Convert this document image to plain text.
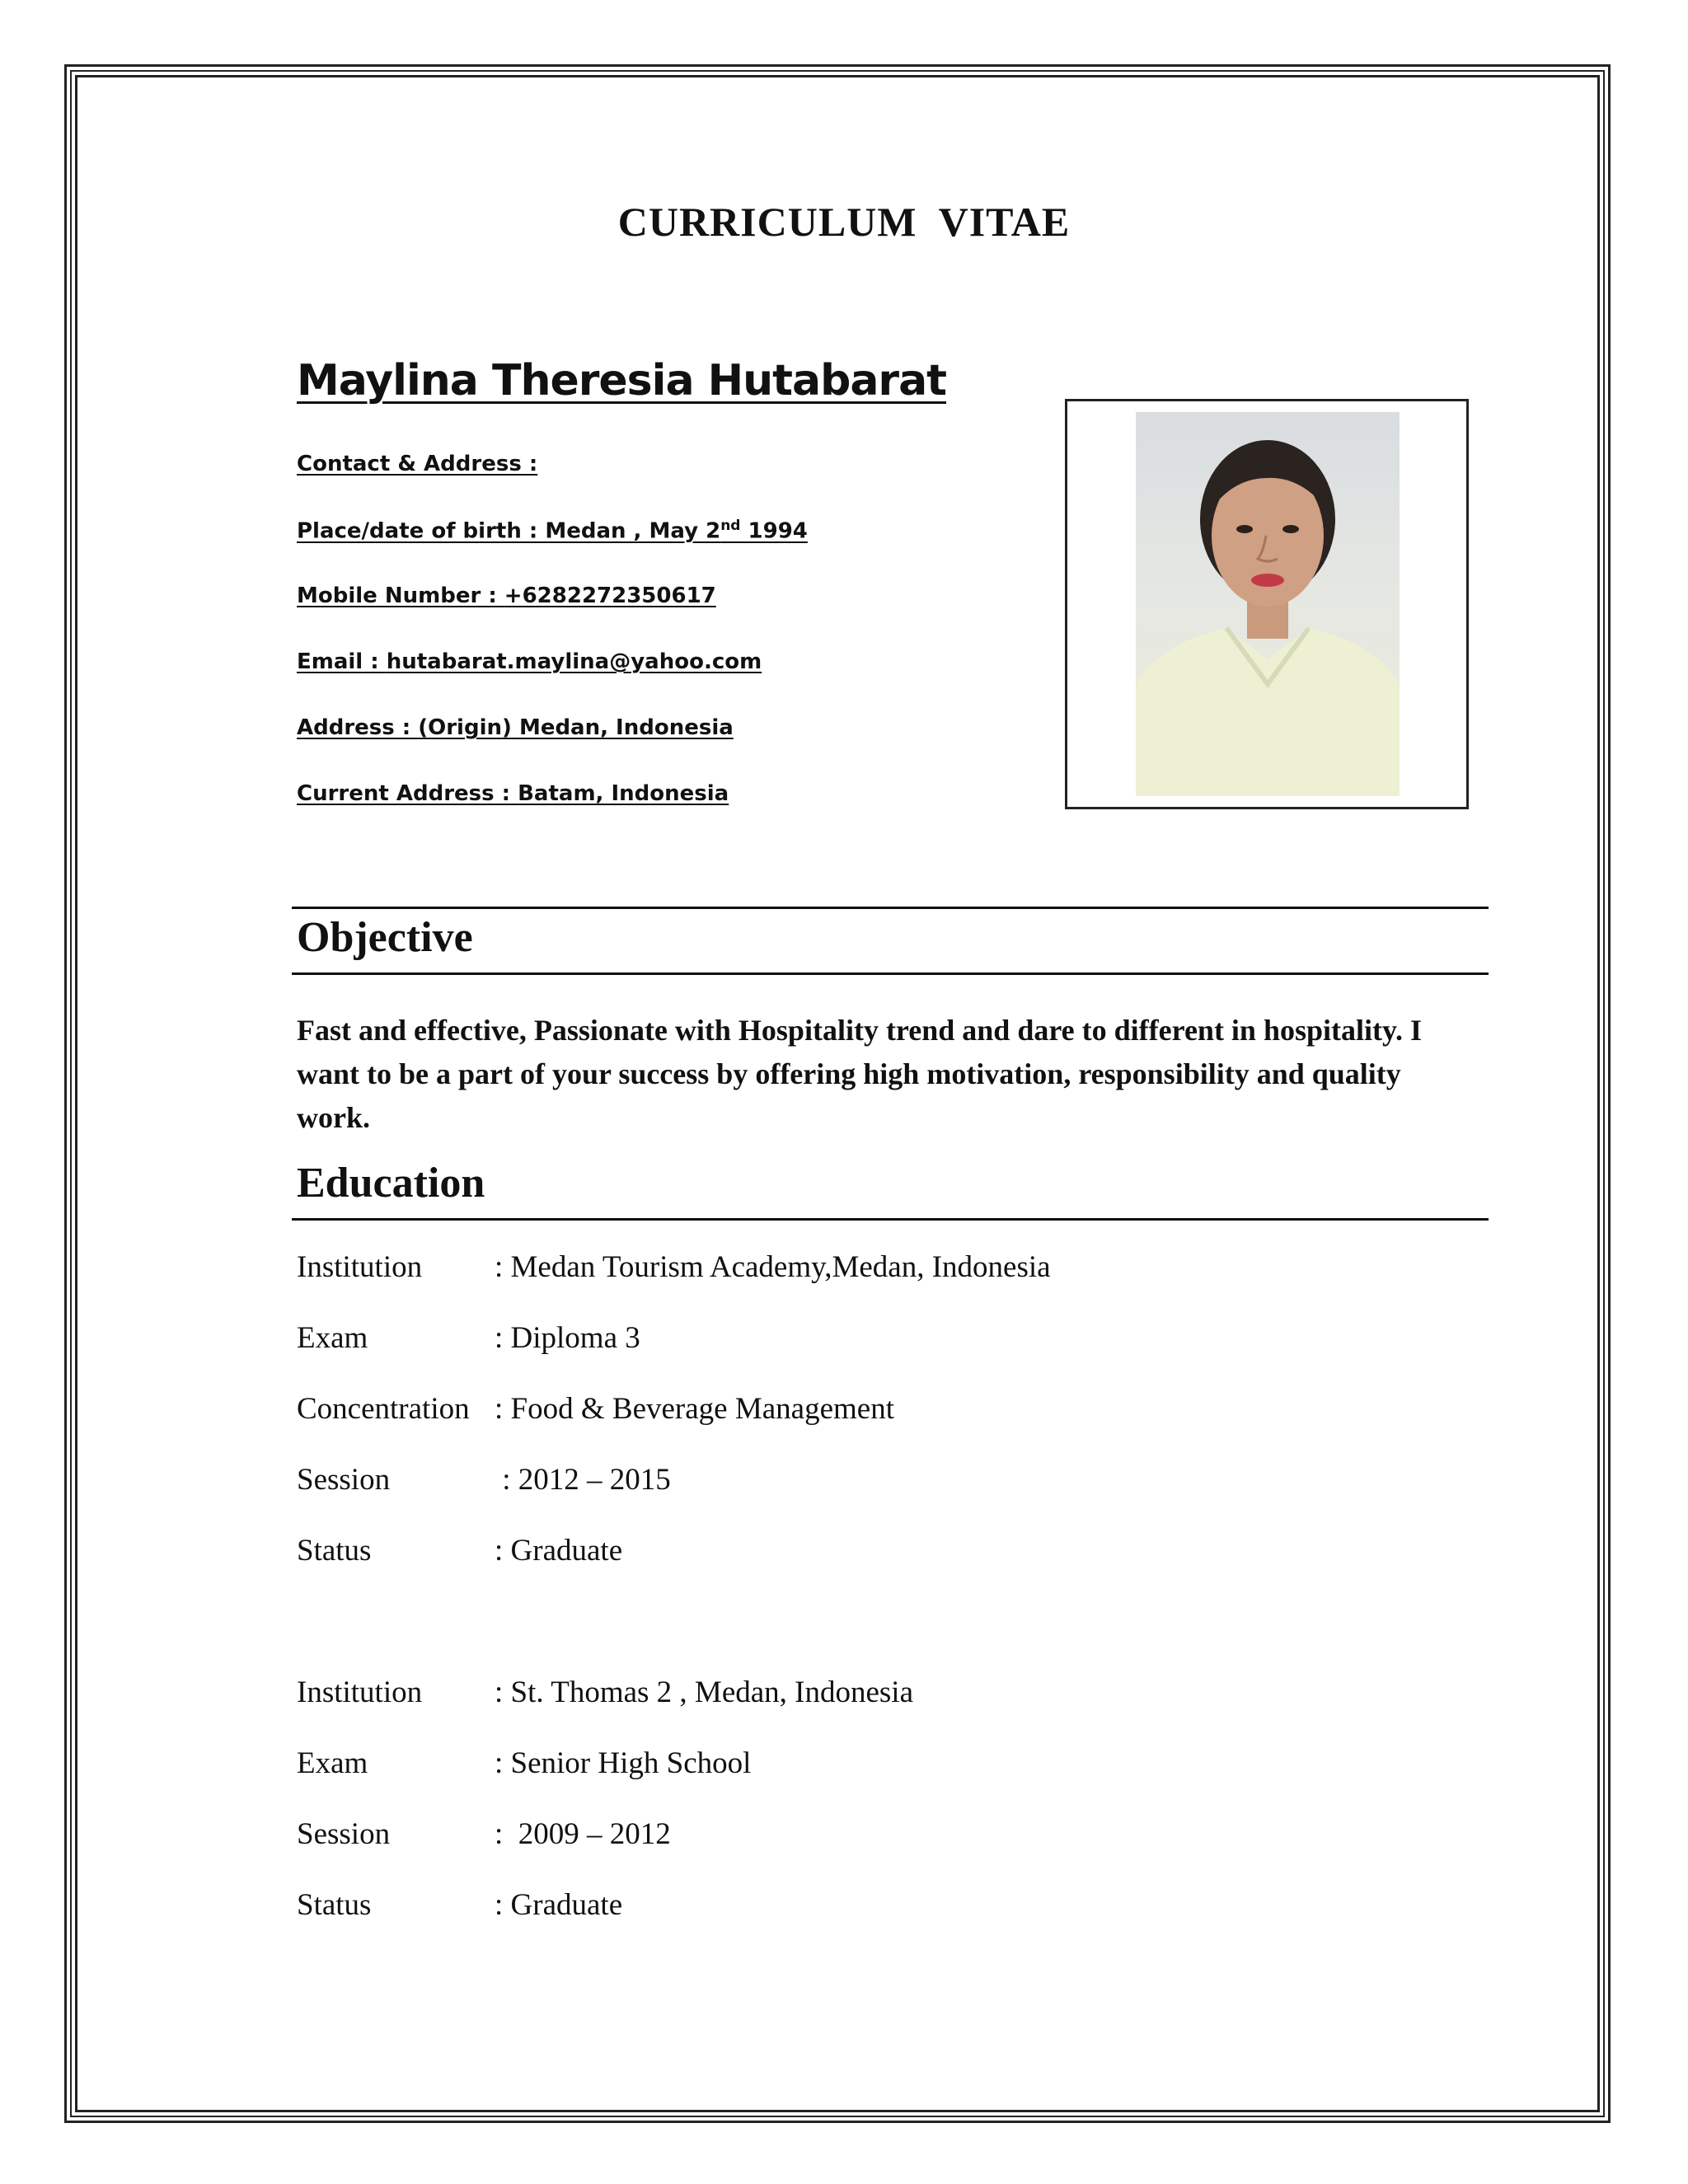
CURRICULUM  VITAE
Maylina Theresia Hutabarat
Contact & Address :
Place/date of birth : Medan , May 2nd 1994
Mobile Number : +6282272350617
Email : hutabarat.maylina@yahoo.com
Address : (Origin) Medan, Indonesia
Current Address : Batam, Indonesia
Objective
Fast and effective, Passionate with Hospitality trend and dare to different in hospitality. I want to be a part of your success by offering high motivation, responsibility and quality work.
Education
Institution : Medan Tourism Academy,Medan, Indonesia
Exam	: Diploma 3
Concentration : Food & Beverage Management
Session	: 2012 – 2015
Status	: Graduate
Institution : St. Thomas 2 , Medan, Indonesia
Exam	: Senior High School
Session	:  2009 – 2012
Status	: Graduate
